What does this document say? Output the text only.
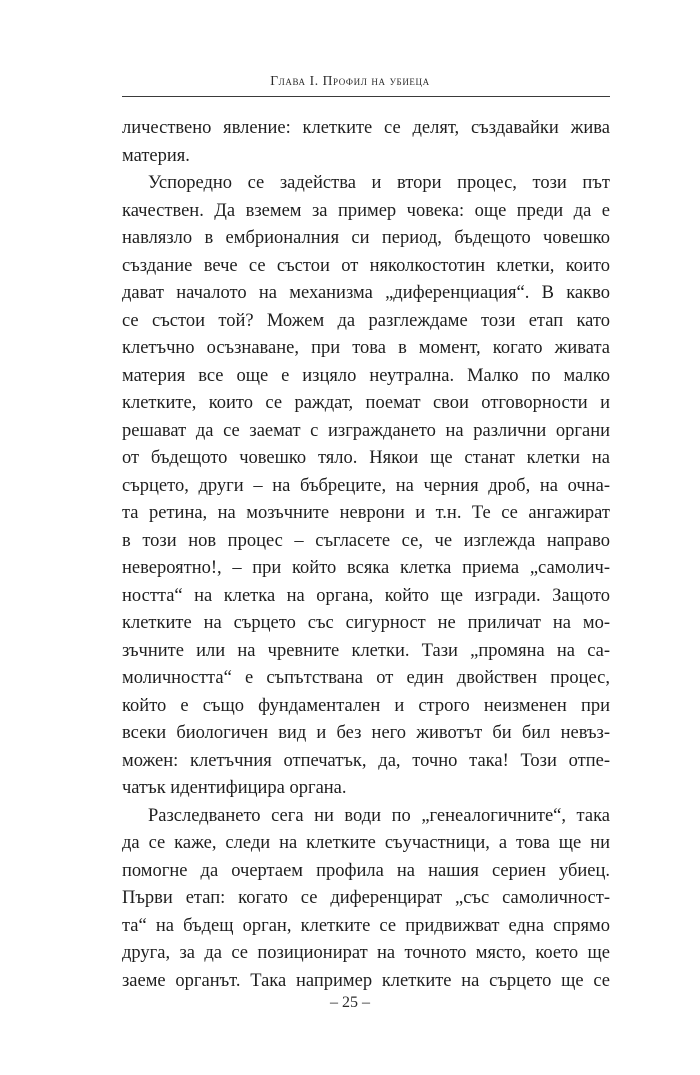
Глава I. Профил на убиеца
личествено явление: клетките се делят, създавайки жива
материя.
Успоредно се задейства и втори процес, този път
качествен. Да вземем за пример човека: още преди да е
навлязло в ембрионалния си период, бъдещото човешко
създание вече се състои от няколкостотин клетки, които
дават началото на механизма „диференциация“. В какво
се състои той? Можем да разглеждаме този етап като
клетъчно осъзнаване, при това в момент, когато живата
материя все още е изцяло неутрална. Малко по малко
клетките, които се раждат, поемат свои отговорности и
решават да се заемат с изграждането на различни органи
от бъдещото човешко тяло. Някои ще станат клетки на
сърцето, други – на бъбреците, на черния дроб, на очна-
та ретина, на мозъчните неврони и т.н. Те се ангажират
в този нов процес – съгласете се, че изглежда направо
невероятно!, – при който всяка клетка приема „самолич-
ността“ на клетка на органа, който ще изгради. Защото
клетките на сърцето със сигурност не приличат на мо-
зъчните или на чревните клетки. Тази „промяна на са-
моличността“ е съпътствана от един двойствен процес,
който е също фундаментален и строго неизменен при
всеки биологичен вид и без него животът би бил невъз-
можен: клетъчния отпечатък, да, точно така! Този отпе-
чатък идентифицира органа.
Разследването сега ни води по „генеалогичните“, така
да се каже, следи на клетките съучастници, а това ще ни
помогне да очертаем профила на нашия сериен убиец.
Първи етап: когато се диференцират „със самоличност-
та“ на бъдещ орган, клетките се придвижват една спрямо
друга, за да се позиционират на точното място, което ще
заеме органът. Така например клетките на сърцето ще се
– 25 –
